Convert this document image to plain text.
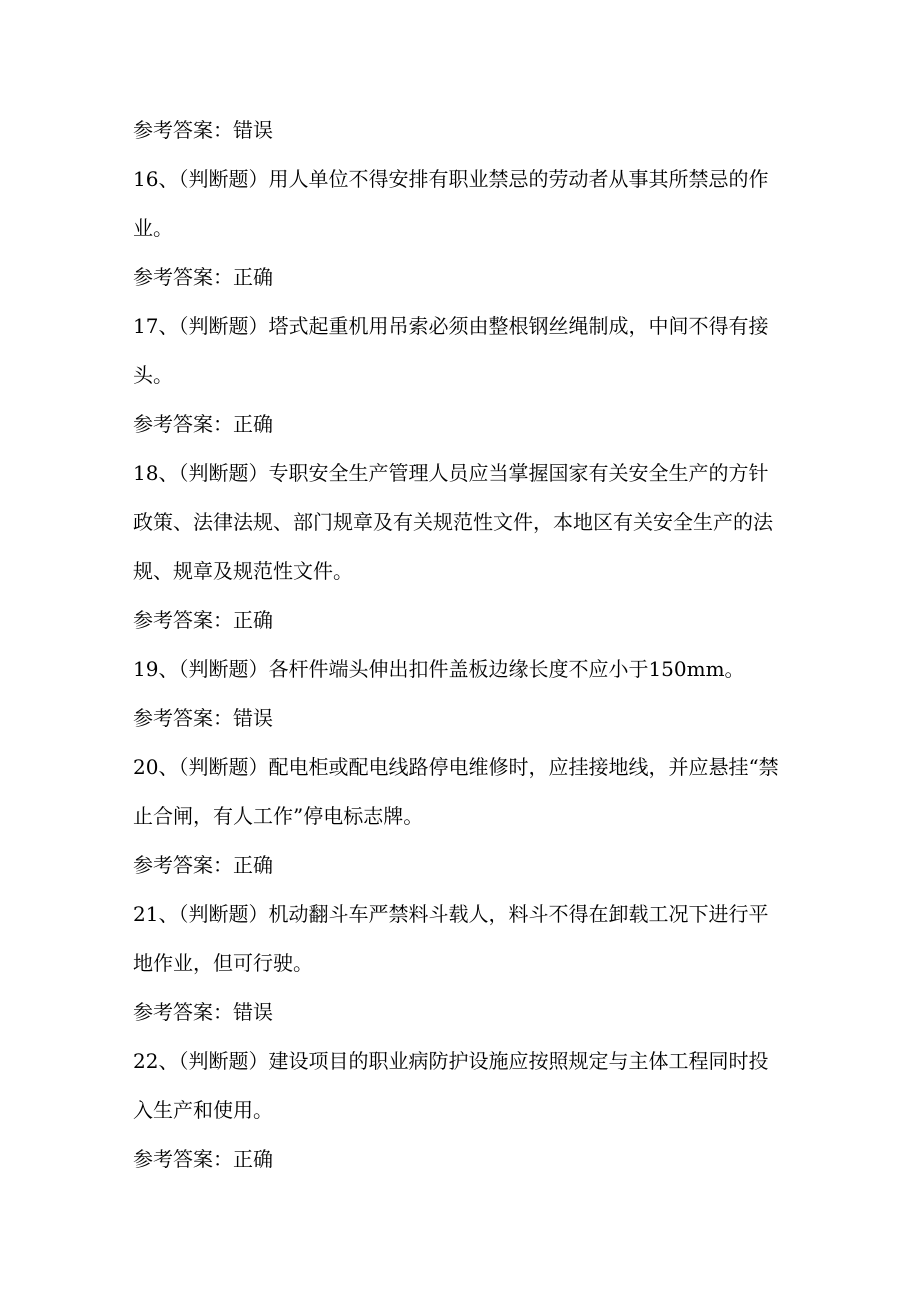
参考答案：错误
16、（判断题）用人单位不得安排有职业禁忌的劳动者从事其所禁忌的作业。
参考答案：正确
17、（判断题）塔式起重机用吊索必须由整根钢丝绳制成，中间不得有接头。
参考答案：正确
18、（判断题）专职安全生产管理人员应当掌握国家有关安全生产的方针政策、法律法规、部门规章及有关规范性文件，本地区有关安全生产的法规、规章及规范性文件。
参考答案：正确
19、（判断题）各杆件端头伸出扣件盖板边缘长度不应小于150mm。
参考答案：错误
20、（判断题）配电柜或配电线路停电维修时，应挂接地线，并应悬挂“禁止合闸，有人工作”停电标志牌。
参考答案：正确
21、（判断题）机动翻斗车严禁料斗载人，料斗不得在卸载工况下进行平地作业，但可行驶。
参考答案：错误
22、（判断题）建设项目的职业病防护设施应按照规定与主体工程同时投入生产和使用。
参考答案：正确
